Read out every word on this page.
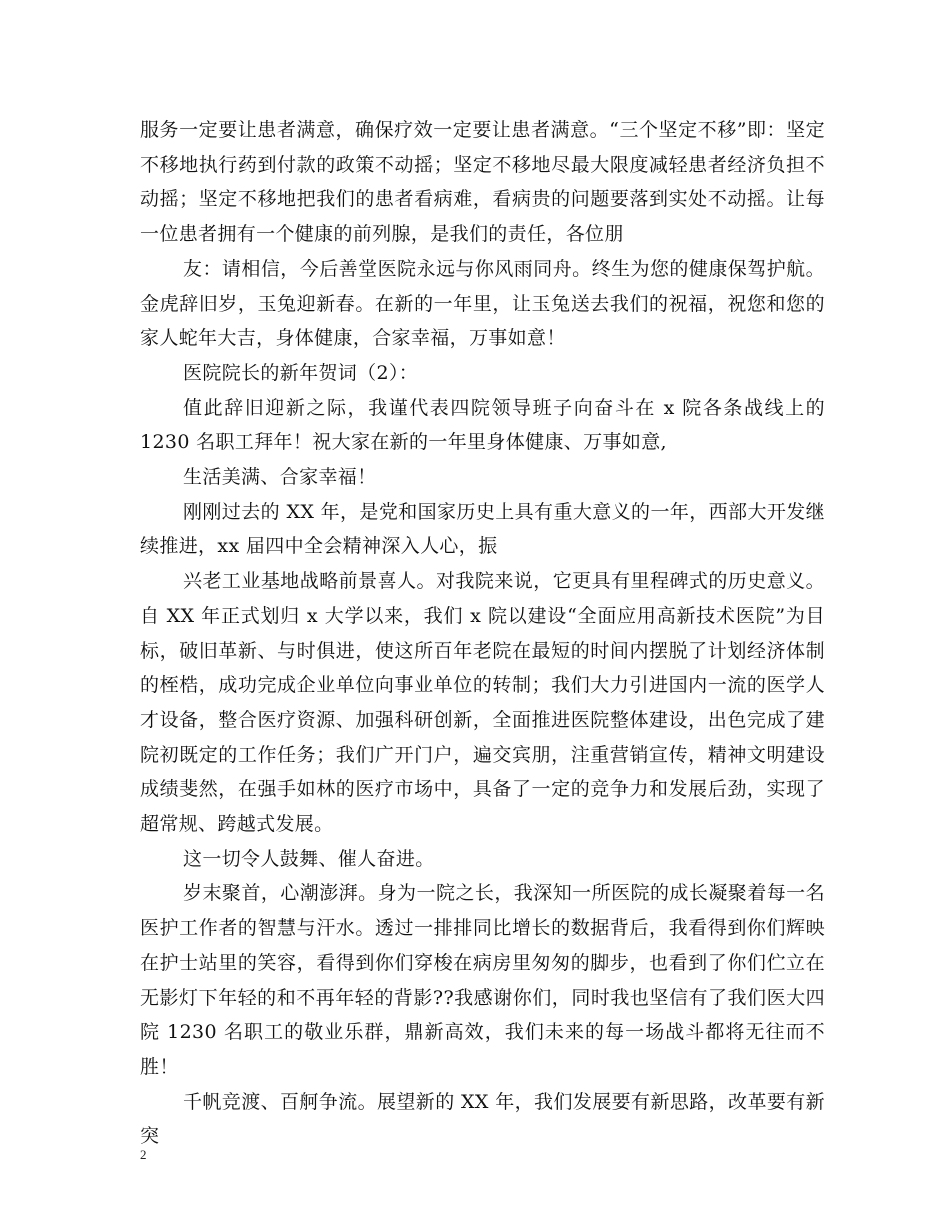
服务一定要让患者满意，确保疗效一定要让患者满意。“三个坚定不移”即：坚定不移地执行药到付款的政策不动摇；坚定不移地尽最大限度减轻患者经济负担不动摇；坚定不移地把我们的患者看病难，看病贵的问题要落到实处不动摇。让每一位患者拥有一个健康的前列腺，是我们的责任，各位朋

友：请相信，今后善堂医院永远与你风雨同舟。终生为您的健康保驾护航。金虎辞旧岁，玉兔迎新春。在新的一年里，让玉兔送去我们的祝福，祝您和您的家人蛇年大吉，身体健康，合家幸福，万事如意！

医院院长的新年贺词（2）：

值此辞旧迎新之际，我谨代表四院领导班子向奋斗在 x 院各条战线上的 1230 名职工拜年！祝大家在新的一年里身体健康、万事如意,

生活美满、合家幸福！

刚刚过去的 XX 年，是党和国家历史上具有重大意义的一年，西部大开发继续推进，xx 届四中全会精神深入人心，振

兴老工业基地战略前景喜人。对我院来说，它更具有里程碑式的历史意义。自 XX 年正式划归 x 大学以来，我们 x 院以建设“全面应用高新技术医院”为目标，破旧革新、与时俱进，使这所百年老院在最短的时间内摆脱了计划经济体制的桎梏，成功完成企业单位向事业单位的转制；我们大力引进国内一流的医学人才设备，整合医疗资源、加强科研创新，全面推进医院整体建设，出色完成了建院初既定的工作任务；我们广开门户，遍交宾朋，注重营销宣传，精神文明建设成绩斐然，在强手如林的医疗市场中，具备了一定的竞争力和发展后劲，实现了超常规、跨越式发展。

这一切令人鼓舞、催人奋进。

岁末聚首，心潮澎湃。身为一院之长，我深知一所医院的成长凝聚着每一名医护工作者的智慧与汗水。透过一排排同比增长的数据背后，我看得到你们辉映在护士站里的笑容，看得到你们穿梭在病房里匆匆的脚步，也看到了你们伫立在无影灯下年轻的和不再年轻的背影??我感谢你们，同时我也坚信有了我们医大四院 1230 名职工的敬业乐群，鼎新高效，我们未来的每一场战斗都将无往而不胜！

千帆竞渡、百舸争流。展望新的 XX 年，我们发展要有新思路，改革要有新突

2
